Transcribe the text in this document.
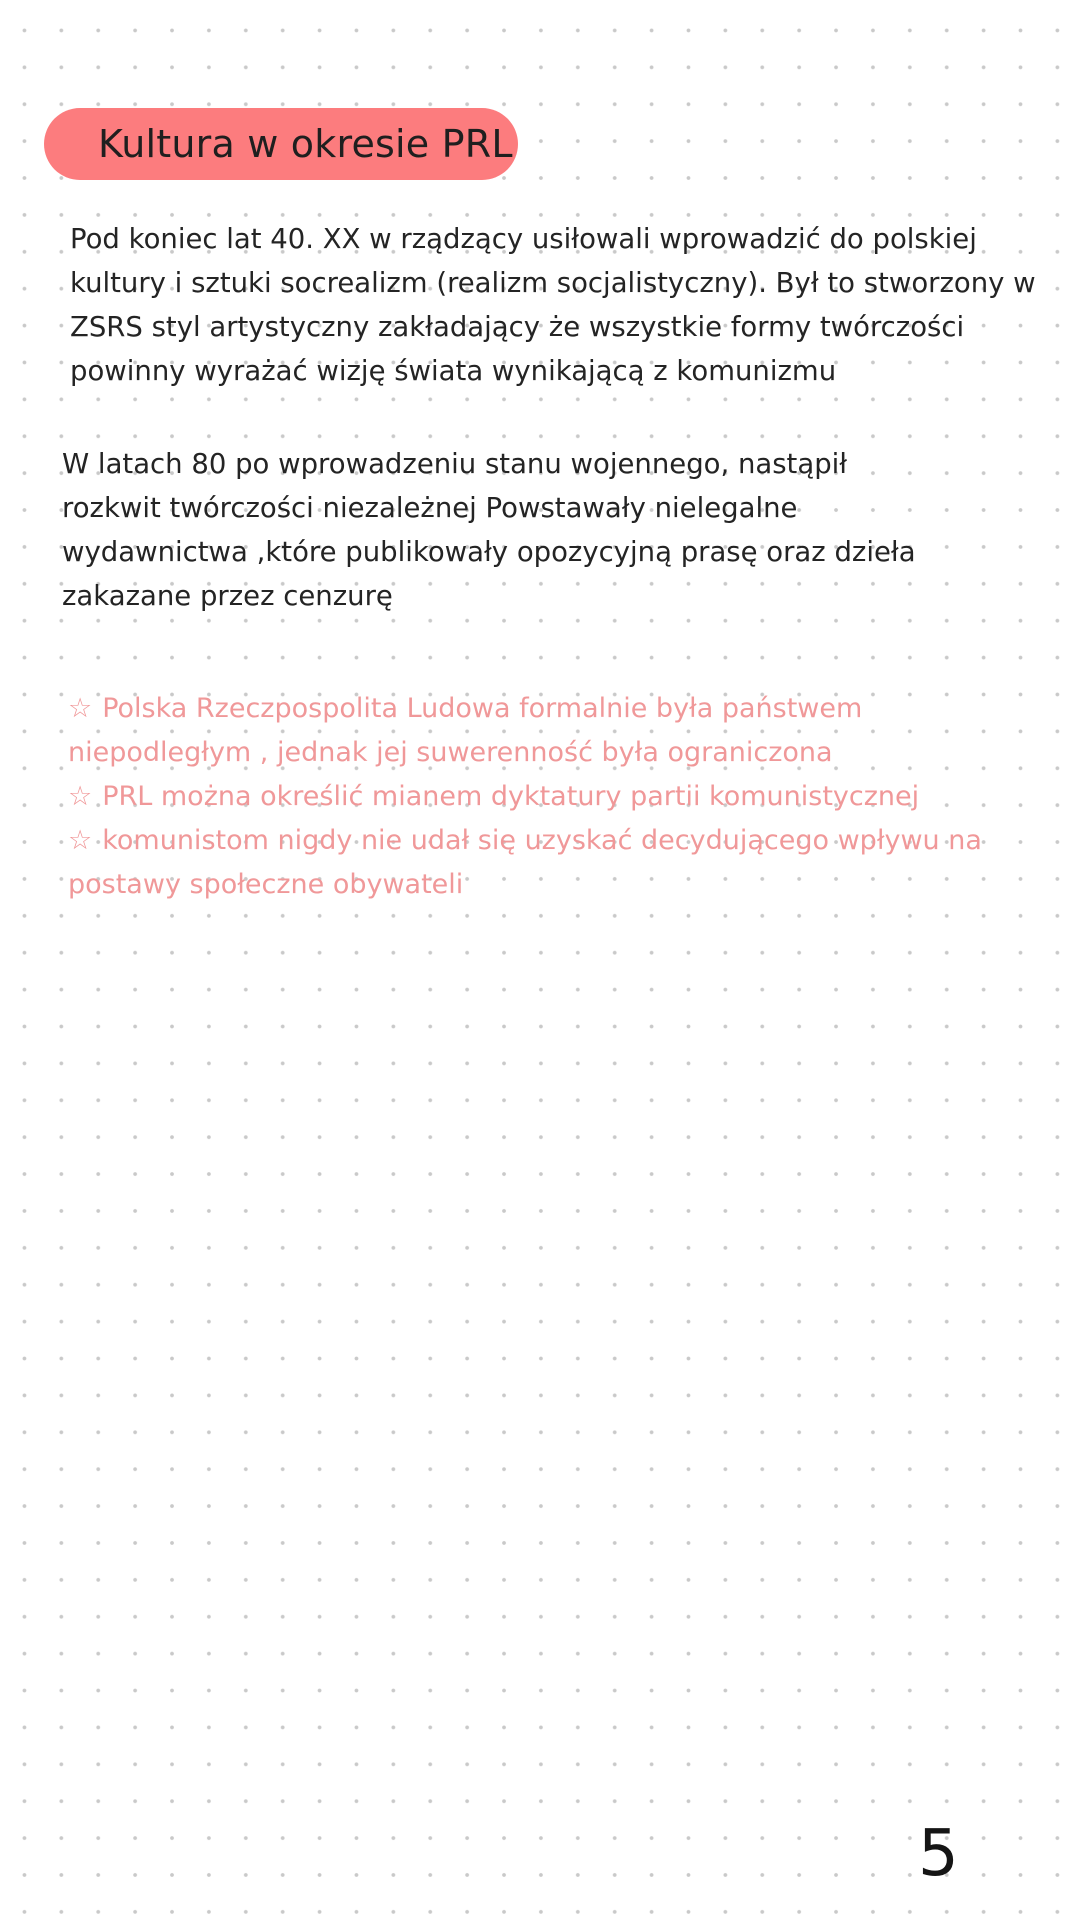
Kultura w okresie PRL

Pod koniec lat 40. XX w rządzący usiłowali wprowadzić do polskiej
kultury i sztuki socrealizm (realizm socjalistyczny). Był to stworzony w
ZSRS styl artystyczny zakładający że wszystkie formy twórczości
powinny wyrażać wizję świata wynikającą z komunizmu

W latach 80 po wprowadzeniu stanu wojennego, nastąpił
rozkwit twórczości niezależnej Powstawały nielegalne
wydawnictwa ,które publikowały opozycyjną prasę oraz dzieła
zakazane przez cenzurę

☆ Polska Rzeczpospolita Ludowa formalnie była państwem
niepodległym , jednak jej suwerenność była ograniczona
☆ PRL można określić mianem dyktatury partii komunistycznej
☆ komunistom nigdy nie udał się uzyskać decydującego wpływu na
postawy społeczne obywateli

5
